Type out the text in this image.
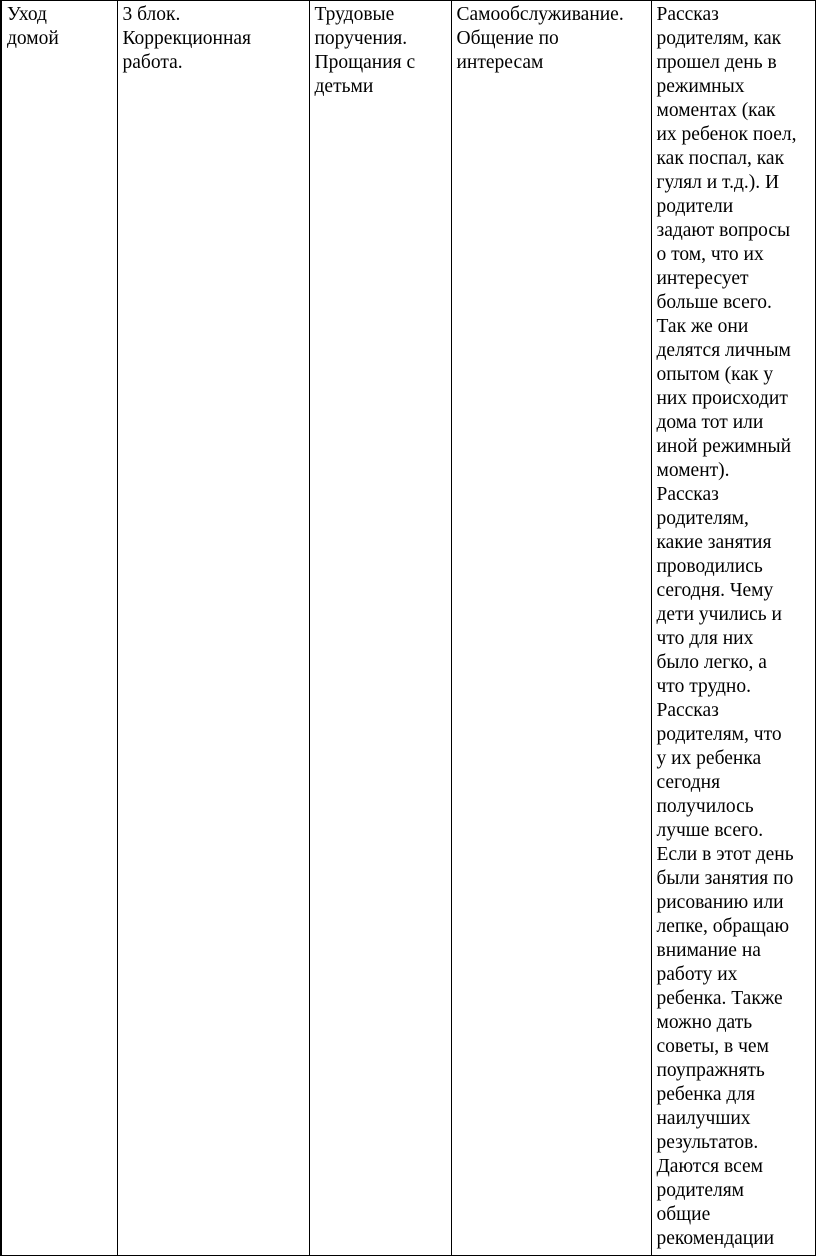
Уход
домой

3 блок.
Коррекционная
работа.

Трудовые
поручения.
Прощания с
детьми

Самообслуживание.
Общение по
интересам

Рассказ
родителям, как
прошел день в
режимных
моментах (как
их ребенок поел,
как поспал, как
гулял и т.д.). И
родители
задают вопросы
о том, что их
интересует
больше всего.
Так же они
делятся личным
опытом (как у
них происходит
дома тот или
иной режимный
момент).
Рассказ
родителям,
какие занятия
проводились
сегодня. Чему
дети учились и
что для них
было легко, а
что трудно.
Рассказ
родителям, что
у их ребенка
сегодня
получилось
лучше всего.
Если в этот день
были занятия по
рисованию или
лепке, обращаю
внимание на
работу их
ребенка. Также
можно дать
советы, в чем
поупражнять
ребенка для
наилучших
результатов.
Даются всем
родителям
общие
рекомендации
